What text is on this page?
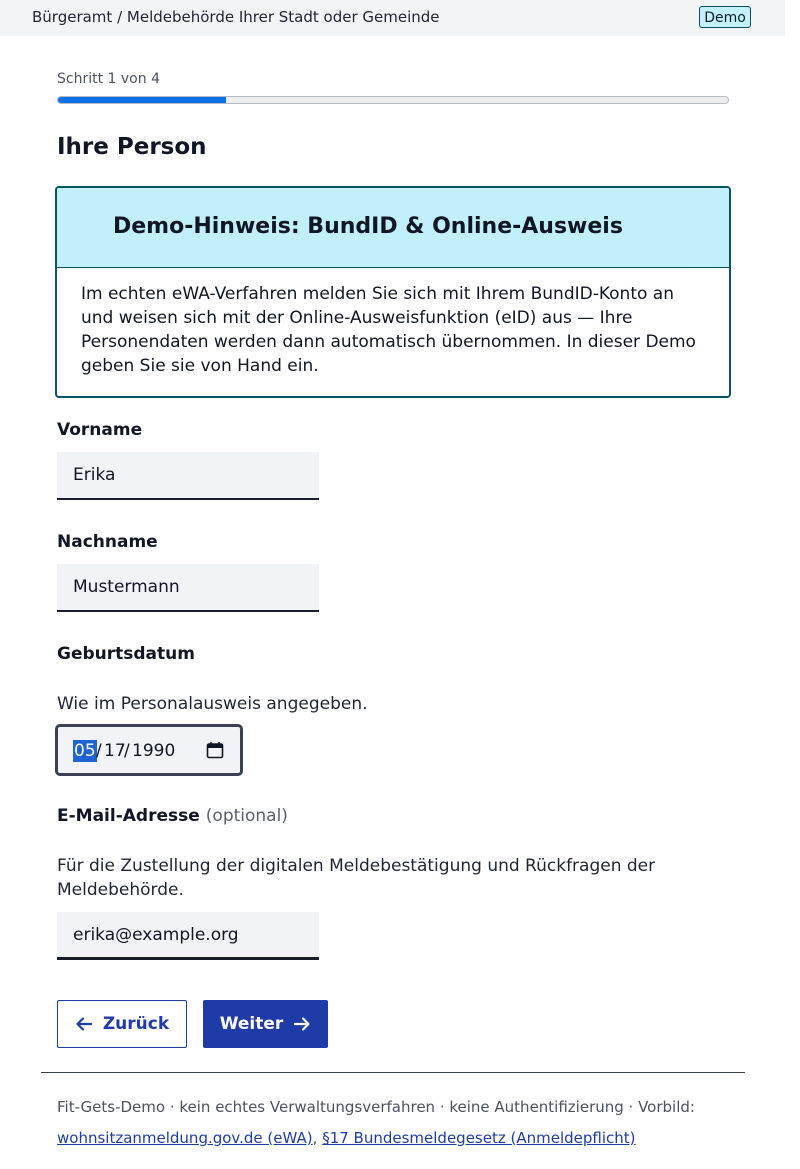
Bürgeramt / Meldebehörde Ihrer Stadt oder Gemeinde	Demo
Schritt 1 von 4
Ihre Person
Demo-Hinweis: BundID & Online-Ausweis
Im echten eWA-Verfahren melden Sie sich mit Ihrem BundID-Konto an und weisen sich mit der Online-Ausweisfunktion (eID) aus — Ihre Personendaten werden dann automatisch übernommen. In dieser Demo geben Sie sie von Hand ein.
Vorname
Erika
Nachname
Mustermann
Geburtsdatum
Wie im Personalausweis angegeben.
05 / 17
/ 1990
E-Mail-Adresse (optional)
Für die Zustellung der digitalen Meldebestätigung und Rückfragen der Meldebehörde.
erika@example.org
Zurück	Weiter
Fit-Gets-Demo · kein echtes Verwaltungsverfahren · keine Authentifizierung · Vorbild:
wohnsitzanmeldung.gov.de (eWA), §17 Bundesmeldegesetz (Anmeldepflicht)
